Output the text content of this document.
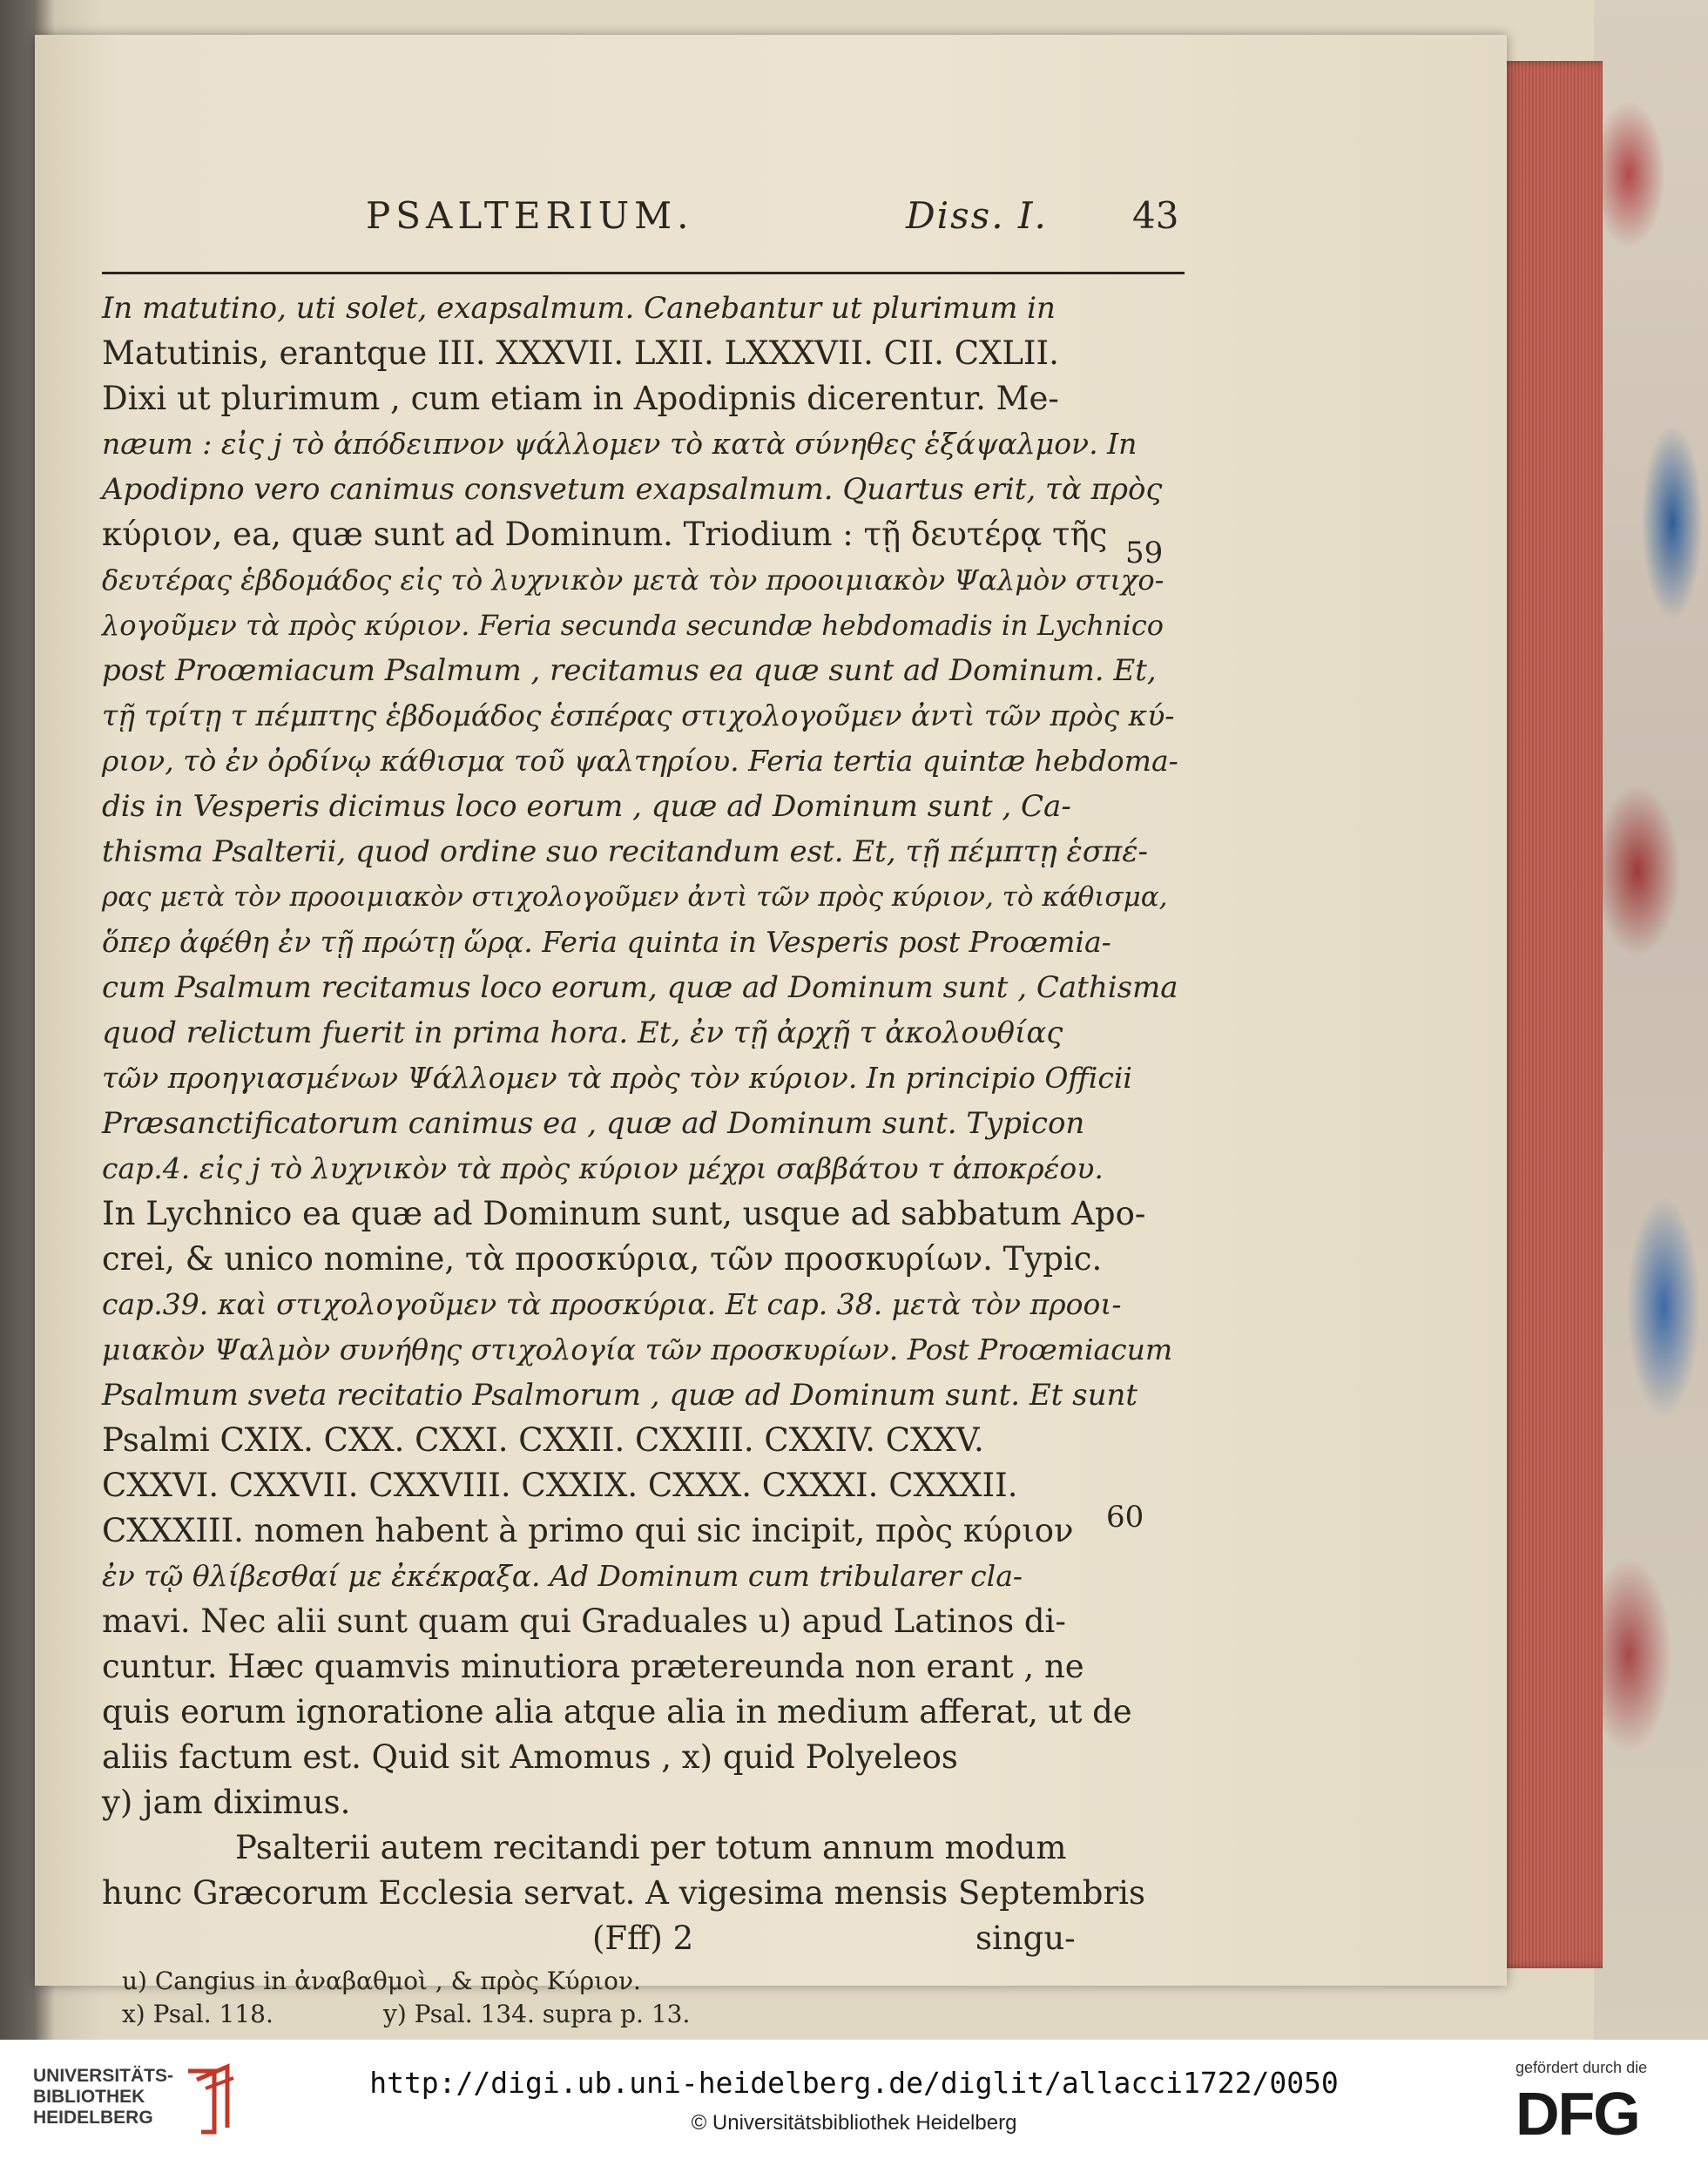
PSALTERIUM.	Diss. I. 43
In matutino, uti solet, exapsalmum. Canebantur ut plurimum in
Matutinis, erantque III. XXXVII. LXII. LXXXVII. CII. CXLII.
Dixi ut plurimum , cum etiam in Apodipnis dicerentur. Me-
næum : εἰς ϳ τὸ ἀπόδειπνον ψάλλομεν τὸ κατὰ σύνηθες ἑξάψαλμον. In
Apodipno vero canimus consvetum exapsalmum. Quartus erit, τὰ πρὸς
κύριον, ea, quæ sunt ad Dominum. Triodium : τῇ δευτέρᾳ τῆς
δευτέρας ἑβδομάδος εἰς τὸ λυχνικὸν μετὰ τὸν προοιμιακὸν Ψαλμὸν στιχο-
λογοῦμεν τὰ πρὸς κύριον. Feria secunda secundæ hebdomadis in Lychnico
post Proœmiacum Psalmum , recitamus ea quæ sunt ad Dominum. Et,
τῇ τρίτῃ τ πέμπτης ἑβδομάδος ἑσπέρας στιχολογοῦμεν ἀντὶ τῶν πρὸς κύ-
ριον, τὸ ἐν ὀρδίνῳ κάθισμα τοῦ ψαλτηρίου. Feria tertia quintæ hebdoma-
dis in Vesperis dicimus loco eorum , quæ ad Dominum sunt , Ca-
thisma Psalterii, quod ordine suo recitandum est. Et, τῇ πέμπτῃ ἑσπέ-
ρας μετὰ τὸν προοιμιακὸν στιχολογοῦμεν ἀντὶ τῶν πρὸς κύριον, τὸ κάθισμα,
ὅπερ ἀφέθη ἐν τῇ πρώτῃ ὥρᾳ. Feria quinta in Vesperis post Proœmia-
cum Psalmum recitamus loco eorum, quæ ad Dominum sunt , Cathisma
quod relictum fuerit in prima hora. Et, ἐν τῇ ἀρχῇ τ ἀκολουθίας
τῶν προηγιασμένων Ψάλλομεν τὰ πρὸς τὸν κύριον. In principio Officii
Præsanctificatorum canimus ea , quæ ad Dominum sunt. Typicon
cap.4. εἰς ϳ τὸ λυχνικὸν τὰ πρὸς κύριον μέχρι σαββάτου τ ἀποκρέου.
In Lychnico ea quæ ad Dominum sunt, usque ad sabbatum Apo-
crei, & unico nomine, τὰ προσκύρια, τῶν προσκυρίων. Typic.
cap.39. καὶ στιχολογοῦμεν τὰ προσκύρια. Et cap. 38. μετὰ τὸν προοι-
μιακὸν Ψαλμὸν συνήθης στιχολογία τῶν προσκυρίων. Post Proœmiacum
Psalmum sveta recitatio Psalmorum , quæ ad Dominum sunt. Et sunt
Psalmi CXIX. CXX. CXXI. CXXII. CXXIII. CXXIV. CXXV.
CXXVI. CXXVII. CXXVIII. CXXIX. CXXX. CXXXI. CXXXII.
CXXXIII. nomen habent à primo qui sic incipit, πρὸς κύριον
ἐν τῷ θλίβεσθαί με ἐκέκραξα. Ad Dominum cum tribularer cla-
mavi. Nec alii sunt quam qui Graduales u) apud Latinos di-
cuntur. Hæc quamvis minutiora prætereunda non erant , ne
quis eorum ignoratione alia atque alia in medium afferat, ut de
aliis factum est. Quid sit Amomus , x) quid Polyeleos
y) jam diximus.
Psalterii autem recitandi per totum annum modum
hunc Græcorum Ecclesia servat. A vigesima mensis Septembris
(Fff) 2	singu-
u) Cangius in ἀναβαθμοὶ , & πρὸς Κύριον.
59
60
x) Psal. 118.	y) Psal. 134. supra p. 13.
UNIVERSITÄTS-
BIBLIOTHEK
HEIDELBERG
http://digi.ub.uni-heidelberg.de/diglit/allacci1722/0050
© Universitätsbibliothek Heidelberg
gefördert durch die
DFG
